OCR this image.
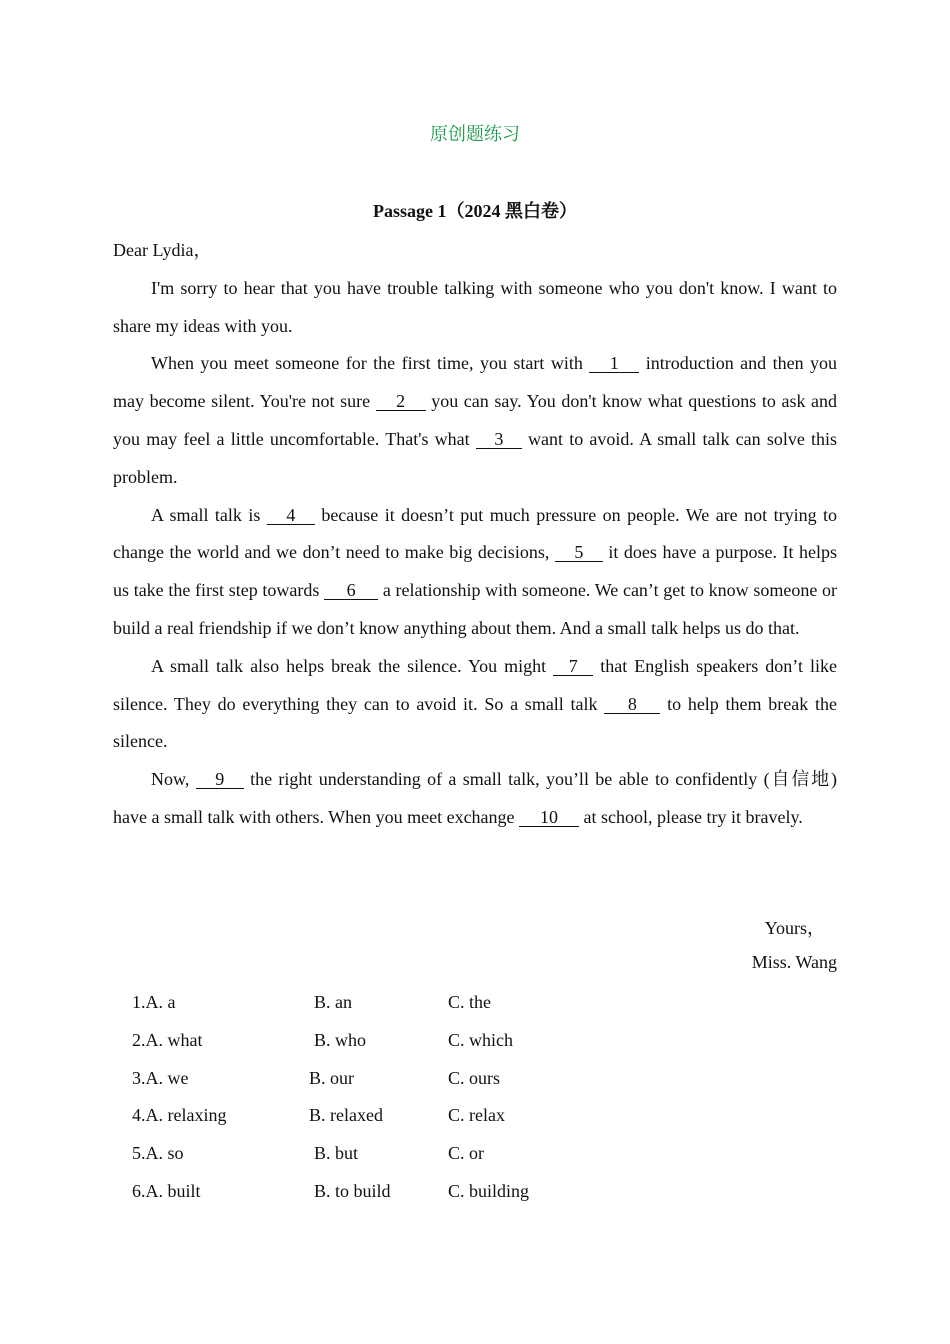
原创题练习
Passage 1（2024 黑白卷）

Dear Lydia，

I'm sorry to hear that you have trouble talking with someone who you don't know. I want to share my ideas with you.

When you meet someone for the first time, you start with 1 introduction and then you may become silent. You're not sure 2 you can say. You don't know what questions to ask and you may feel a little uncomfortable. That's what 3 want to avoid. A small talk can solve this problem.

A small talk is 4 because it doesn’t put much pressure on people. We are not trying to change the world and we don’t need to make big decisions, 5 it does have a purpose. It helps us take the first step towards 6 a relationship with someone. We can’t get to know someone or build a real friendship if we don’t know anything about them. And a small talk helps us do that.

A small talk also helps break the silence. You might 7 that English speakers don’t like silence. They do everything they can to avoid it. So a small talk 8 to help them break the silence.

Now, 9 the right understanding of a small talk, you’ll be able to confidently (自信地) have a small talk with others. When you meet exchange 10 at school, please try it bravely.

Yours，
Miss. Wang
1.A. a	B. an	C. the
2.A. what	B. who	C. which
3.A. we	B. our	C. ours
4.A. relaxing	B. relaxed	C. relax
5.A. so	B. but	C. or
6.A. built	B. to build	C. building
